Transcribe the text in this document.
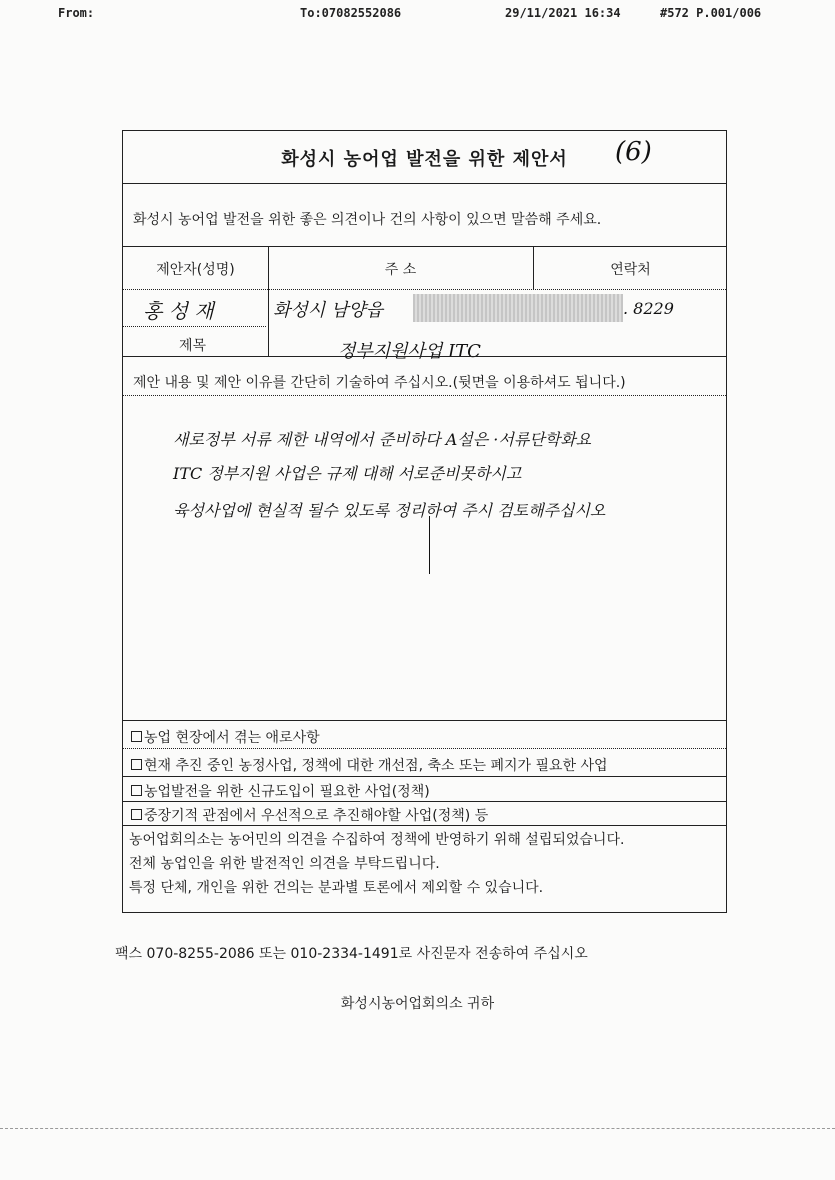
From:	To:07082552086	29/11/2021 16:34	#572 P.001/006
화성시 농어업 발전을 위한 제안서	(6)
화성시 농어업 발전을 위한 좋은 의견이나 건의 사항이 있으면 말씀해 주세요.
제안자(성명)	주 소	연락처
홍 성 재	화성시 남양읍	. 8229
제목	정부지원사업 ITC
제안 내용 및 제안 이유를 간단히 기술하여 주십시오.(뒷면을 이용하셔도 됩니다.)
새로정부 서류 제한 내역에서 준비하다 A설은 ·서류단학화요
ITC 정부지원 사업은 규제 대해 서로준비못하시고
육성사업에 현실적 될수 있도록 정리하여 주시 검토해주십시오
농업 현장에서 겪는 애로사항
현재 추진 중인 농정사업, 정책에 대한 개선점, 축소 또는 폐지가 필요한 사업
농업발전을 위한 신규도입이 필요한 사업(정책)
중장기적 관점에서 우선적으로 추진해야할 사업(정책) 등
농어업회의소는 농어민의 의견을 수집하여 정책에 반영하기 위해 설립되었습니다.
전체 농업인을 위한 발전적인 의견을 부탁드립니다.
특정 단체, 개인을 위한 건의는 분과별 토론에서 제외할 수 있습니다.
팩스 070-8255-2086 또는 010-2334-1491로 사진문자 전송하여 주십시오
화성시농어업회의소 귀하
